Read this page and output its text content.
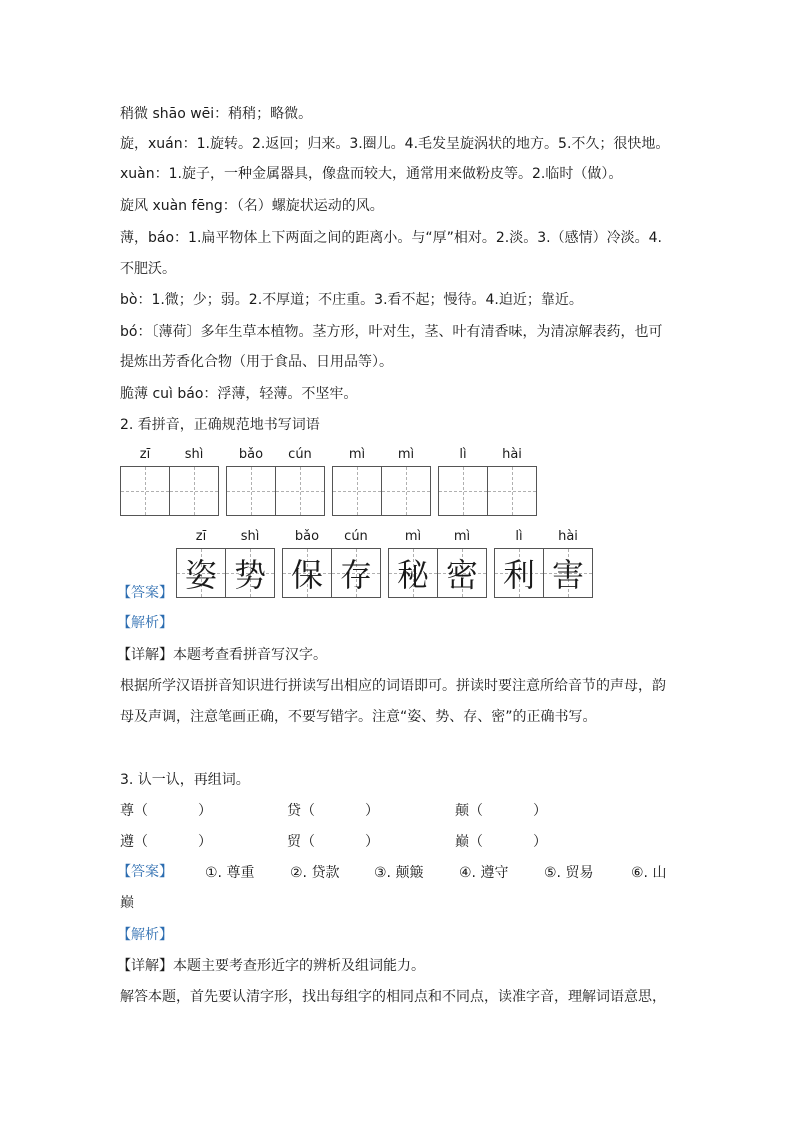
稍微 shāo wēi：稍稍；略微。
旋，xuán：1.旋转。2.返回；归来。3.圈儿。4.毛发呈旋涡状的地方。5.不久；很快地。
xuàn：1.旋子，一种金属器具，像盘而较大，通常用来做粉皮等。2.临时（做）。
旋风 xuàn fēng：（名）螺旋状运动的风。
薄，báo：1.扁平物体上下两面之间的距离小。与“厚”相对。2.淡。3.（感情）冷淡。4.
不肥沃。
bò：1.微；少；弱。2.不厚道；不庄重。3.看不起；慢待。4.迫近；靠近。
bó：〔薄荷〕多年生草本植物。茎方形，叶对生，茎、叶有清香味，为清凉解表药，也可
提炼出芳香化合物（用于食品、日用品等）。
脆薄 cuì báo：浮薄，轻薄。不坚牢。
2. 看拼音，正确规范地书写词语
zī	shì	bǎo	cún	mì	mì	lì	hài
zī	shì	bǎo	cún	mì	mì	lì	hài
姿 势 保 存 秘 密 利 害
【答案】
【解析】
【详解】本题考查看拼音写汉字。
根据所学汉语拼音知识进行拼读写出相应的词语即可。拼读时要注意所给音节的声母，韵
母及声调，注意笔画正确，不要写错字。注意“姿、势、存、密”的正确书写。
3. 认一认，再组词。
尊（	）	贷（	）	颠（	）
遵（	）	贸（	）	巅（	）
【答案】 ①. 尊重	②. 贷款 ③. 颠簸	④. 遵守	⑤. 贸易	⑥. 山
巅
【解析】
【详解】本题主要考查形近字的辨析及组词能力。
解答本题，首先要认清字形，找出每组字的相同点和不同点，读准字音，理解词语意思，
